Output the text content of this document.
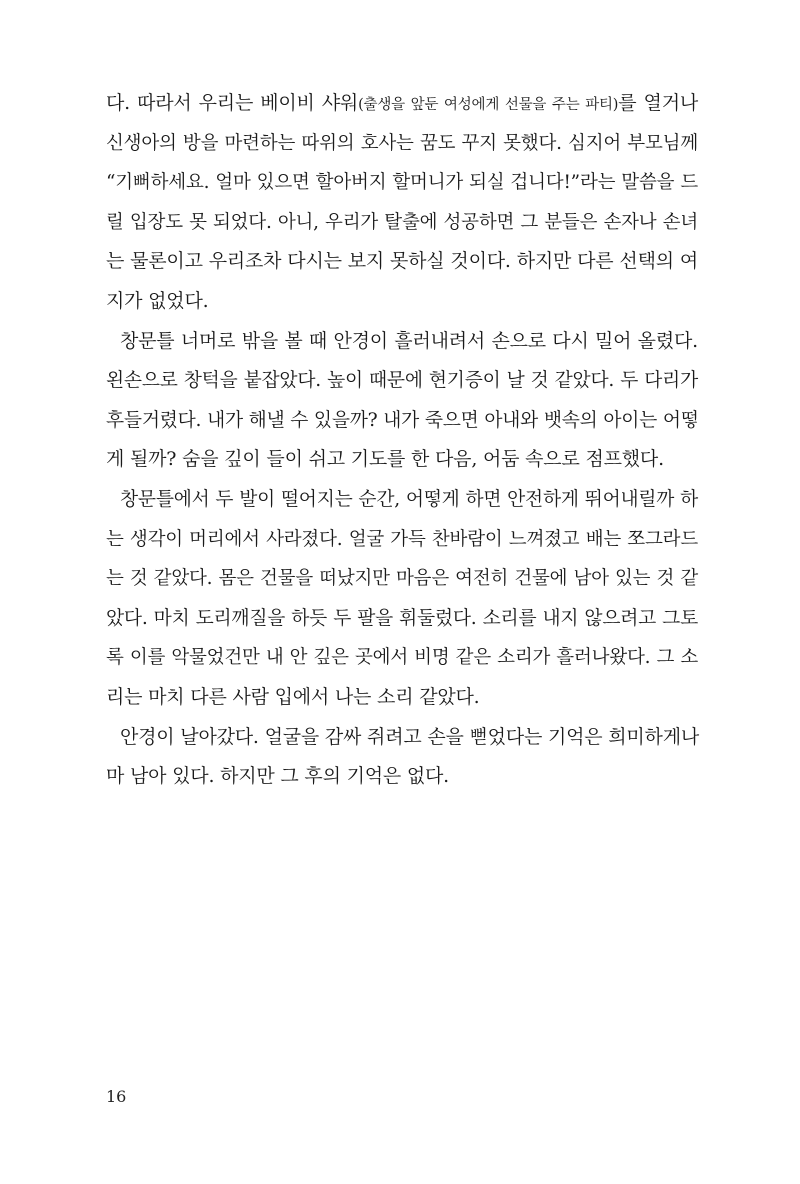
다. 따라서 우리는 베이비 샤워(출생을 앞둔 여성에게 선물을 주는 파티)를 열거나
신생아의 방을 마련하는 따위의 호사는 꿈도 꾸지 못했다. 심지어 부모님께
“기뻐하세요. 얼마 있으면 할아버지 할머니가 되실 겁니다!”라는 말씀을 드
릴 입장도 못 되었다. 아니, 우리가 탈출에 성공하면 그 분들은 손자나 손녀
는 물론이고 우리조차 다시는 보지 못하실 것이다. 하지만 다른 선택의 여
지가 없었다.
창문틀 너머로 밖을 볼 때 안경이 흘러내려서 손으로 다시 밀어 올렸다.
왼손으로 창턱을 붙잡았다. 높이 때문에 현기증이 날 것 같았다. 두 다리가
후들거렸다. 내가 해낼 수 있을까? 내가 죽으면 아내와 뱃속의 아이는 어떻
게 될까? 숨을 깊이 들이 쉬고 기도를 한 다음, 어둠 속으로 점프했다.
창문틀에서 두 발이 떨어지는 순간, 어떻게 하면 안전하게 뛰어내릴까 하
는 생각이 머리에서 사라졌다. 얼굴 가득 찬바람이 느껴졌고 배는 쪼그라드
는 것 같았다. 몸은 건물을 떠났지만 마음은 여전히 건물에 남아 있는 것 같
았다. 마치 도리깨질을 하듯 두 팔을 휘둘렀다. 소리를 내지 않으려고 그토
록 이를 악물었건만 내 안 깊은 곳에서 비명 같은 소리가 흘러나왔다. 그 소
리는 마치 다른 사람 입에서 나는 소리 같았다.
안경이 날아갔다. 얼굴을 감싸 쥐려고 손을 뻗었다는 기억은 희미하게나
마 남아 있다. 하지만 그 후의 기억은 없다.
16
